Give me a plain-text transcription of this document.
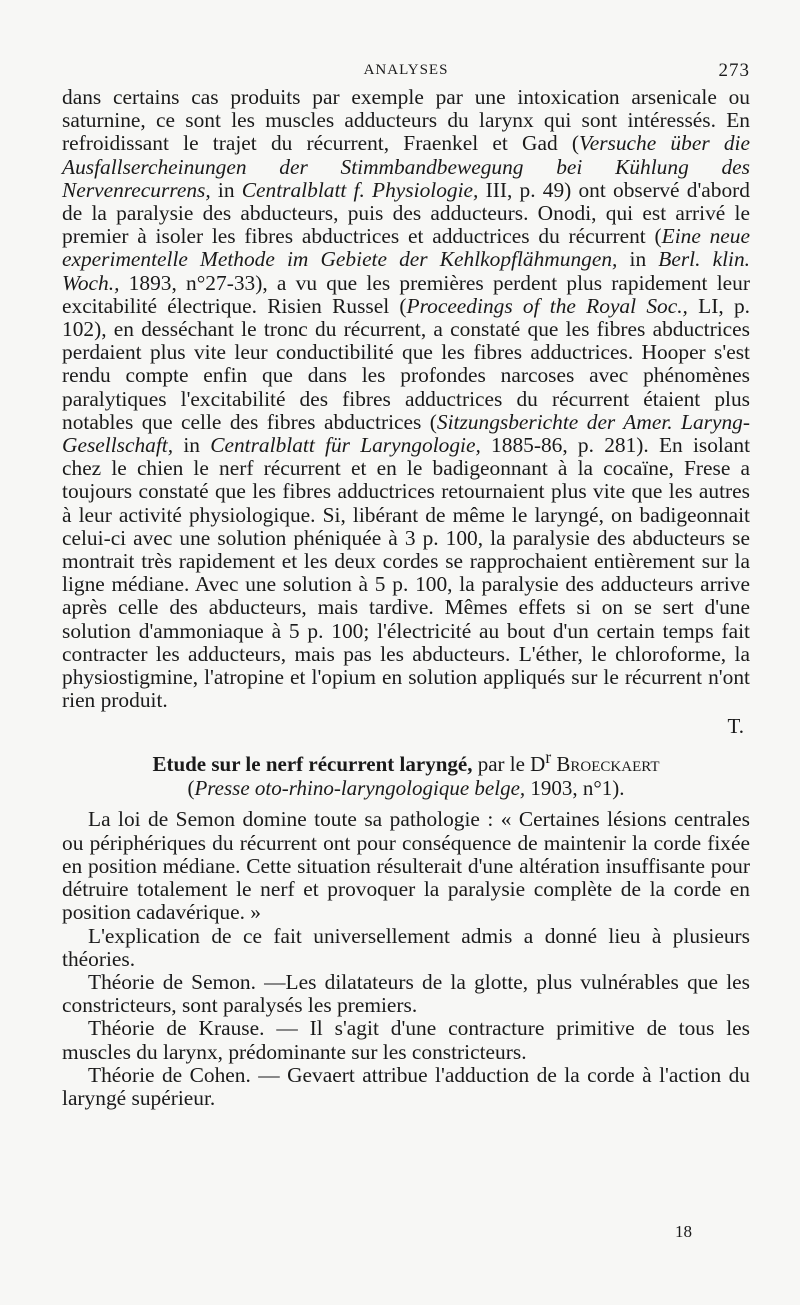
ANALYSES	273

dans certains cas produits par exemple par une intoxication arsenicale ou saturnine, ce sont les muscles adducteurs du larynx qui sont intéressés. En refroidissant le trajet du récurrent, Fraenkel et Gad (Versuche über die Ausfallsercheinungen der Stimmbandbewegung bei Kühlung des Nervenrecurrens, in Centralblatt f. Physiologie, III, p. 49) ont observé d'abord de la paralysie des abducteurs, puis des adducteurs. Onodi, qui est arrivé le premier à isoler les fibres abductrices et adductrices du récurrent (Eine neue experimentelle Methode im Gebiete der Kehlkopflähmungen, in Berl. klin. Woch., 1893, n°27-33), a vu que les premières perdent plus rapidement leur excitabilité électrique. Risien Russel (Proceedings of the Royal Soc., LI, p. 102), en desséchant le tronc du récurrent, a constaté que les fibres abductrices perdaient plus vite leur conductibilité que les fibres adductrices. Hooper s'est rendu compte enfin que dans les profondes narcoses avec phénomènes paralytiques l'excitabilité des fibres adductrices du récurrent étaient plus notables que celle des fibres abductrices (Sitzungsberichte der Amer. Laryng-Gesellschaft, in Centralblatt für Laryngologie, 1885-86, p. 281). En isolant chez le chien le nerf récurrent et en le badigeonnant à la cocaïne, Frese a toujours constaté que les fibres adductrices retournaient plus vite que les autres à leur activité physiologique. Si, libérant de même le laryngé, on badigeonnait celui-ci avec une solution phéniquée à 3 p. 100, la paralysie des abducteurs se montrait très rapidement et les deux cordes se rapprochaient entièrement sur la ligne médiane. Avec une solution à 5 p. 100, la paralysie des adducteurs arrive après celle des abducteurs, mais tardive. Mêmes effets si on se sert d'une solution d'ammoniaque à 5 p. 100; l'électricité au bout d'un certain temps fait contracter les adducteurs, mais pas les abducteurs. L'éther, le chloroforme, la physiostigmine, l'atropine et l'opium en solution appliqués sur le récurrent n'ont rien produit.

T.
Etude sur le nerf récurrent laryngé, par le $D^r$ Broeckaert
(Presse oto-rhino-laryngologique belge, 1903, n°1).

La loi de Semon domine toute sa pathologie : « Certaines lésions centrales ou périphériques du récurrent ont pour conséquence de maintenir la corde fixée en position médiane. Cette situation résulterait d'une altération insuffisante pour détruire totalement le nerf et provoquer la paralysie complète de la corde en position cadavérique. »

L'explication de ce fait universellement admis a donné lieu à plusieurs théories.

Théorie de Semon. —Les dilatateurs de la glotte, plus vulnérables que les constricteurs, sont paralysés les premiers.

Théorie de Krause. — Il s'agit d'une contracture primitive de tous les muscles du larynx, prédominante sur les constricteurs.

Théorie de Cohen. — Gevaert attribue l'adduction de la corde à l'action du laryngé supérieur.

18
